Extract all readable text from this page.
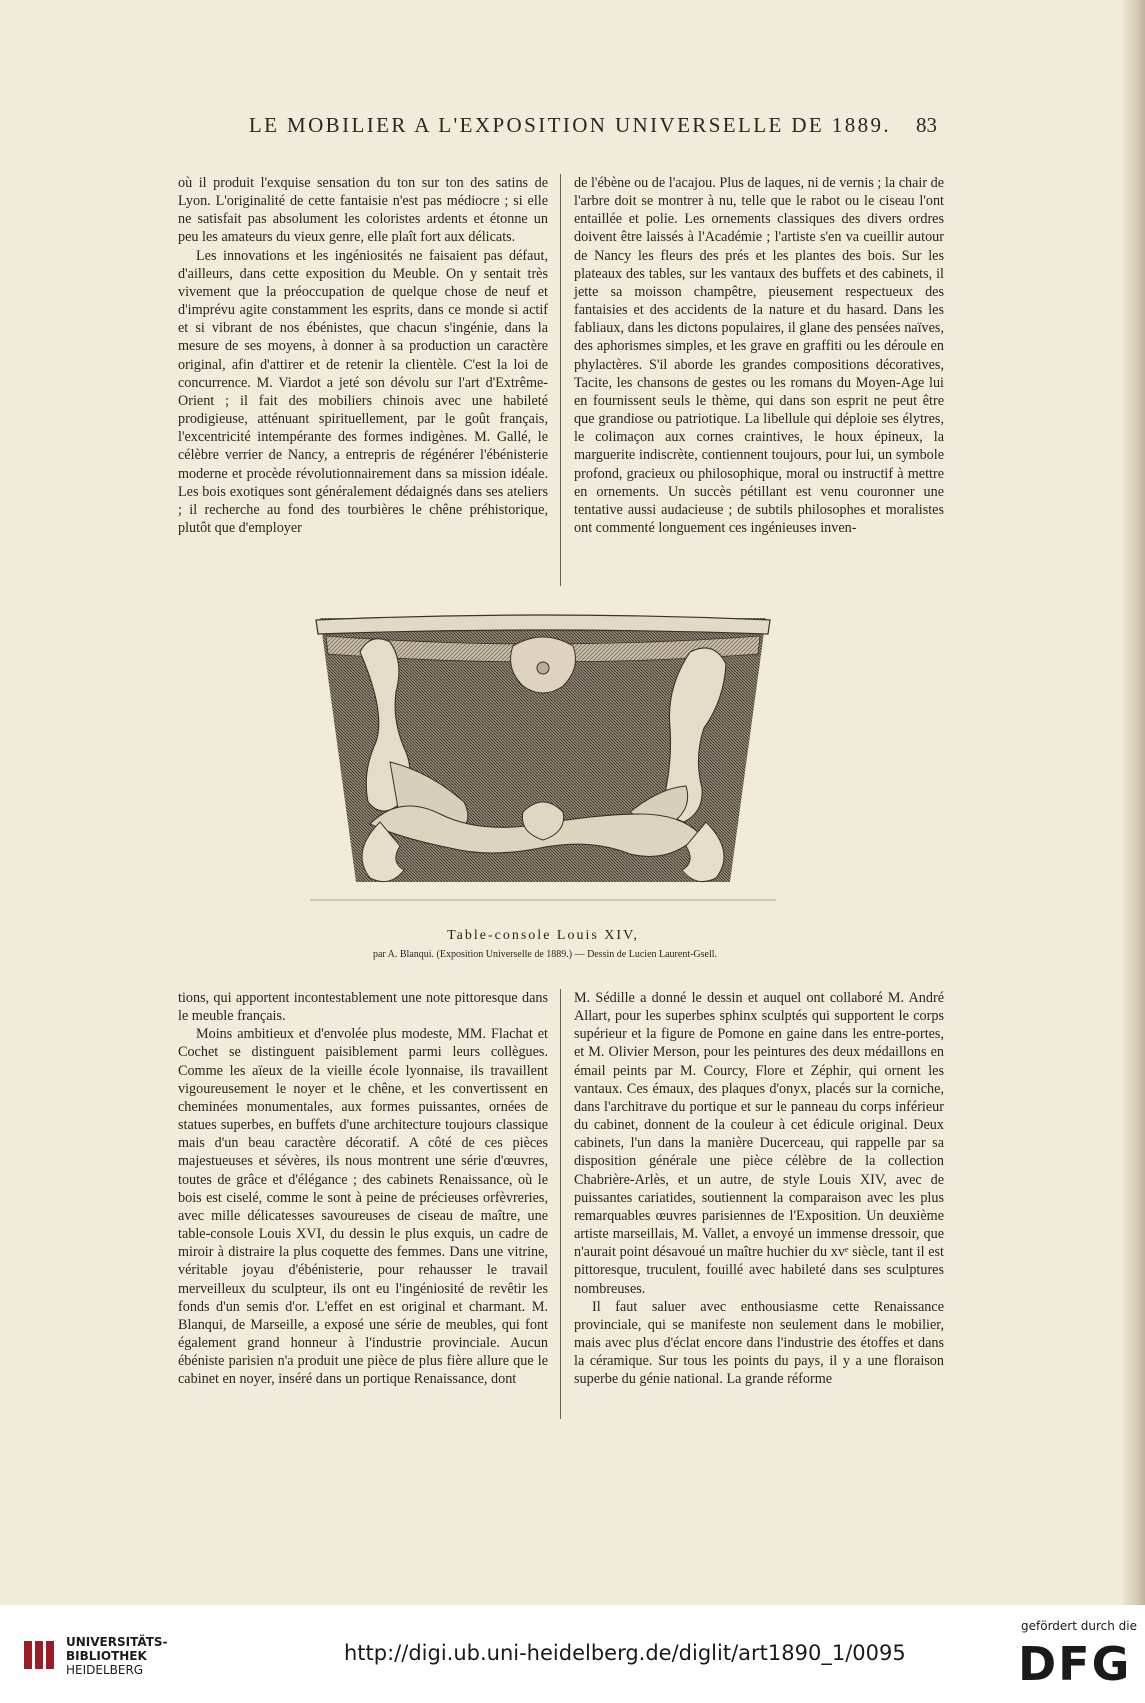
LE MOBILIER A L'EXPOSITION UNIVERSELLE DE 1889.	83

où il produit l'exquise sensation du ton sur ton des satins de Lyon. L'originalité de cette fantaisie n'est pas médiocre ; si elle ne satisfait pas absolument les coloristes ardents et étonne un peu les amateurs du vieux genre, elle plaît fort aux délicats.

Les innovations et les ingéniosités ne faisaient pas défaut, d'ailleurs, dans cette exposition du Meuble. On y sentait très vivement que la préoccupation de quelque chose de neuf et d'imprévu agite constamment les esprits, dans ce monde si actif et si vibrant de nos ébénistes, que chacun s'ingénie, dans la mesure de ses moyens, à donner à sa production un caractère original, afin d'attirer et de retenir la clientèle. C'est la loi de concurrence. M. Viardot a jeté son dévolu sur l'art d'Extrême-Orient ; il fait des mobiliers chinois avec une habileté prodigieuse, atténuant spirituellement, par le goût français, l'excentricité intempérante des formes indigènes. M. Gallé, le célèbre verrier de Nancy, a entrepris de régénérer l'ébénisterie moderne et procède révolutionnairement dans sa mission idéale. Les bois exotiques sont généralement dédaignés dans ses ateliers ; il recherche au fond des tourbières le chêne préhistorique, plutôt que d'employer

de l'ébène ou de l'acajou. Plus de laques, ni de vernis ; la chair de l'arbre doit se montrer à nu, telle que le rabot ou le ciseau l'ont entaillée et polie. Les ornements classiques des divers ordres doivent être laissés à l'Académie ; l'artiste s'en va cueillir autour de Nancy les fleurs des prés et les plantes des bois. Sur les plateaux des tables, sur les vantaux des buffets et des cabinets, il jette sa moisson champêtre, pieusement respectueux des fantaisies et des accidents de la nature et du hasard. Dans les fabliaux, dans les dictons populaires, il glane des pensées naïves, des aphorismes simples, et les grave en graffiti ou les déroule en phylactères. S'il aborde les grandes compositions décoratives, Tacite, les chansons de gestes ou les romans du Moyen-Age lui en fournissent seuls le thème, qui dans son esprit ne peut être que grandiose ou patriotique. La libellule qui déploie ses élytres, le colimaçon aux cornes craintives, le houx épineux, la marguerite indiscrète, contiennent toujours, pour lui, un symbole profond, gracieux ou philosophique, moral ou instructif à mettre en ornements. Un succès pétillant est venu couronner une tentative aussi audacieuse ; de subtils philosophes et moralistes ont commenté longuement ces ingénieuses inven-

Table-console Louis XIV,
par A. Blanqui. (Exposition Universelle de 1889.) — Dessin de Lucien Laurent-Gsell.

tions, qui apportent incontestablement une note pittoresque dans le meuble français.

Moins ambitieux et d'envolée plus modeste, MM. Flachat et Cochet se distinguent paisiblement parmi leurs collègues. Comme les aïeux de la vieille école lyonnaise, ils travaillent vigoureusement le noyer et le chêne, et les convertissent en cheminées monumentales, aux formes puissantes, ornées de statues superbes, en buffets d'une architecture toujours classique mais d'un beau caractère décoratif. A côté de ces pièces majestueuses et sévères, ils nous montrent une série d'œuvres, toutes de grâce et d'élégance ; des cabinets Renaissance, où le bois est ciselé, comme le sont à peine de précieuses orfèvreries, avec mille délicatesses savoureuses de ciseau de maître, une table-console Louis XVI, du dessin le plus exquis, un cadre de miroir à distraire la plus coquette des femmes. Dans une vitrine, véritable joyau d'ébénisterie, pour rehausser le travail merveilleux du sculpteur, ils ont eu l'ingéniosité de revêtir les fonds d'un semis d'or. L'effet en est original et charmant. M. Blanqui, de Marseille, a exposé une série de meubles, qui font également grand honneur à l'industrie provinciale. Aucun ébéniste parisien n'a produit une pièce de plus fière allure que le cabinet en noyer, inséré dans un portique Renaissance, dont

M. Sédille a donné le dessin et auquel ont collaboré M. André Allart, pour les superbes sphinx sculptés qui supportent le corps supérieur et la figure de Pomone en gaine dans les entre-portes, et M. Olivier Merson, pour les peintures des deux médaillons en émail peints par M. Courcy, Flore et Zéphir, qui ornent les vantaux. Ces émaux, des plaques d'onyx, placés sur la corniche, dans l'architrave du portique et sur le panneau du corps inférieur du cabinet, donnent de la couleur à cet édicule original. Deux cabinets, l'un dans la manière Ducerceau, qui rappelle par sa disposition générale une pièce célèbre de la collection Chabrière-Arlès, et un autre, de style Louis XIV, avec de puissantes cariatides, soutiennent la comparaison avec les plus remarquables œuvres parisiennes de l'Exposition. Un deuxième artiste marseillais, M. Vallet, a envoyé un immense dressoir, que n'aurait point désavoué un maître huchier du xvᵉ siècle, tant il est pittoresque, truculent, fouillé avec habileté dans ses sculptures nombreuses.

Il faut saluer avec enthousiasme cette Renaissance provinciale, qui se manifeste non seulement dans le mobilier, mais avec plus d'éclat encore dans l'industrie des étoffes et dans la céramique. Sur tous les points du pays, il y a une floraison superbe du génie national. La grande réforme

UNIVERSITÄTS-
BIBLIOTHEK
HEIDELBERG
http://digi.ub.uni-heidelberg.de/diglit/art1890_1/0095
gefördert durch die
DFG
